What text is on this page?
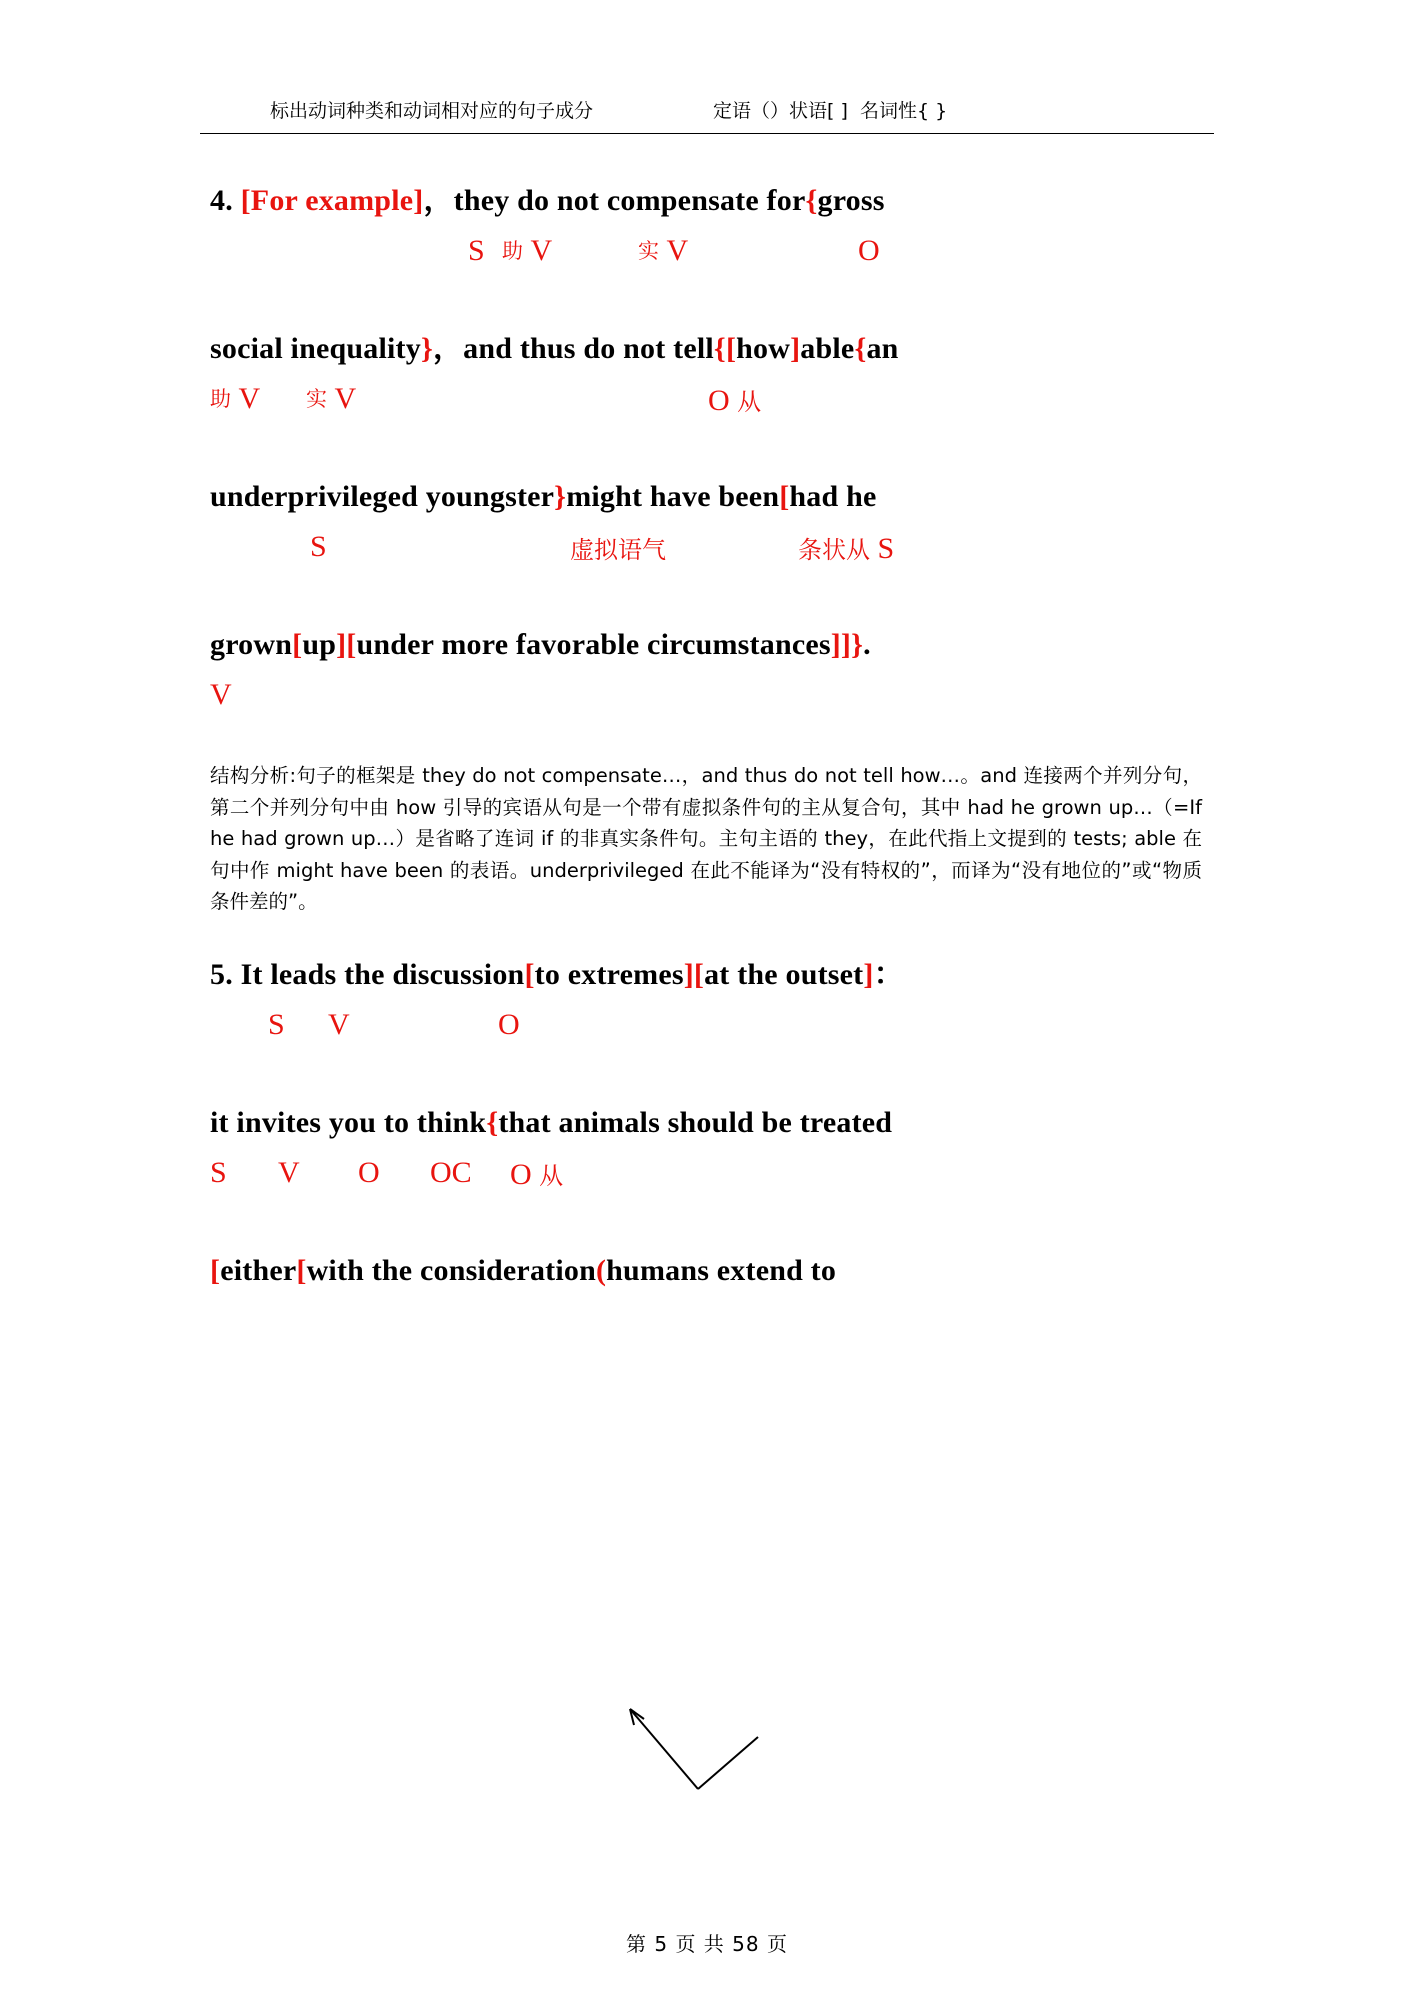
标出动词种类和动词相对应的句子成分	定语（）状语[ ]  名词性{ }
4. [For example]，they do not compensate for{gross
S 助 V	实 V	O
social inequality}，and thus do not tell{[how]able{an
助 V 实 V	O 从
underprivileged youngster}might have been[had he
S	虚拟语气	条状从 S
grown[up][under more favorable circumstances]]}.
V
结构分析:句子的框架是 they do not compensate…，and thus do not tell how…。and 连接两个并列分句，第二个并列分句中由 how 引导的宾语从句是一个带有虚拟条件句的主从复合句，其中 had he grown up…（=If he had grown up…）是省略了连词 if 的非真实条件句。主句主语的 they，在此代指上文提到的 tests; able 在句中作 might have been 的表语。underprivileged 在此不能译为“没有特权的”，而译为“没有地位的”或“物质条件差的”。
5. It leads the discussion[to extremes][at the outset]：
S V	O
it invites you to think{that animals should be treated
S V O OC O 从
[either[with the consideration(humans extend to
第 5 页 共 58 页
